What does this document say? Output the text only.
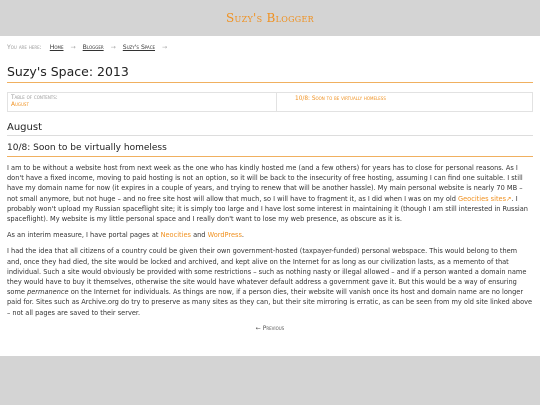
Suzy's Blogger
You are here: Home → Blogger → Suzy's Space →
Suzy's Space: 2013
Table of contents:
August
10/8: Soon to be virtually homeless
August
10/8: Soon to be virtually homeless

I am to be without a website host from next week as the one who has kindly hosted me (and a few others) for years has to close for personal reasons. As I don't have a fixed income, moving to paid hosting is not an option, so it will be back to the insecurity of free hosting, assuming I can find one suitable. I still have my domain name for now (it expires in a couple of years, and trying to renew that will be another hassle). My main personal website is nearly 70 MB – not small anymore, but not huge – and no free site host will allow that much, so I will have to fragment it, as I did when I was on my old Geocities sites↗. I probably won't upload my Russian spaceflight site; it is simply too large and I have lost some interest in maintaining it (though I am still interested in Russian spaceflight). My website is my little personal space and I really don't want to lose my web presence, as obscure as it is.

As an interim measure, I have portal pages at Neocities and WordPress.

I had the idea that all citizens of a country could be given their own government-hosted (taxpayer-funded) personal webspace. This would belong to them and, once they had died, the site would be locked and archived, and kept alive on the Internet for as long as our civilization lasts, as a memento of that individual. Such a site would obviously be provided with some restrictions – such as nothing nasty or illegal allowed – and if a person wanted a domain name they would have to buy it themselves, otherwise the site would have whatever default address a government gave it. But this would be a way of ensuring some permanence on the Internet for individuals. As things are now, if a person dies, their website will vanish once its host and domain name are no longer paid for. Sites such as Archive.org do try to preserve as many sites as they can, but their site mirroring is erratic, as can be seen from my old site linked above – not all pages are saved to their server.

← Previous
